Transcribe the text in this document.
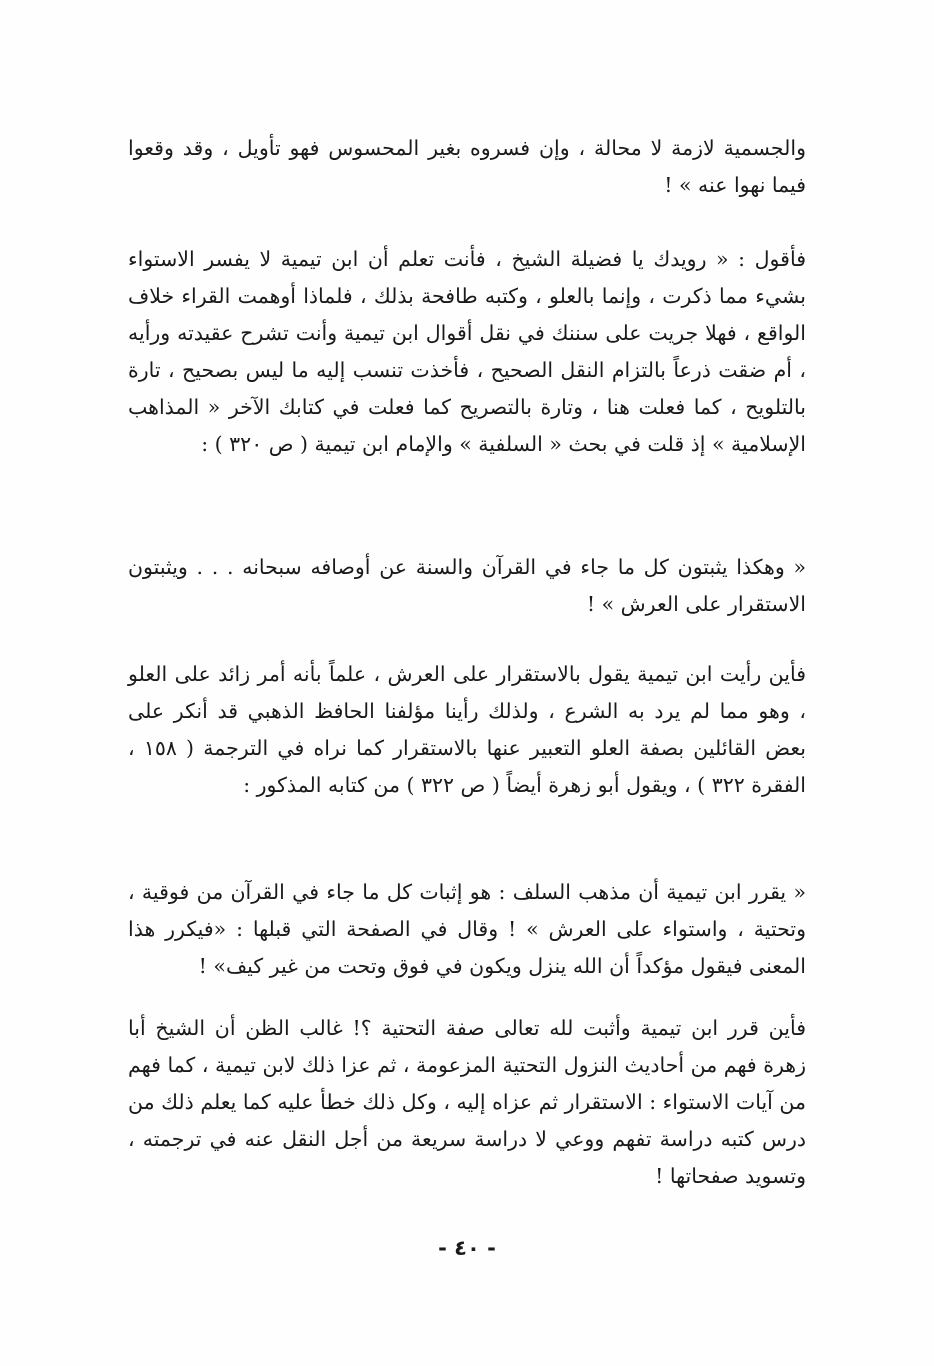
والجسمية لازمة لا محالة ، وإن فسروه بغير المحسوس فهو تأويل ، وقد وقعوا فيما نهوا عنه » !

فأقول : « رويدك يا فضيلة الشيخ ، فأنت تعلم أن ابن تيمية لا يفسر الاستواء بشيء مما ذكرت ، وإنما بالعلو ، وكتبه طافحة بذلك ، فلماذا أوهمت القراء خلاف الواقع ، فهلا جريت على سننك في نقل أقوال ابن تيمية وأنت تشرح عقيدته ورأيه ، أم ضقت ذرعاً بالتزام النقل الصحيح ، فأخذت تنسب إليه ما ليس بصحيح ، تارة بالتلويح ، كما فعلت هنا ، وتارة بالتصريح كما فعلت في كتابك الآخر « المذاهب الإسلامية » إذ قلت في بحث « السلفية » والإمام ابن تيمية ( ص ٣٢٠ ) :

« وهكذا يثبتون كل ما جاء في القرآن والسنة عن أوصافه سبحانه . . . ويثبتون الاستقرار على العرش » !

فأين رأيت ابن تيمية يقول بالاستقرار على العرش ، علماً بأنه أمر زائد على العلو ، وهو مما لم يرد به الشرع ، ولذلك رأينا مؤلفنا الحافظ الذهبي قد أنكر على بعض القائلين بصفة العلو التعبير عنها بالاستقرار كما نراه في الترجمة ( ١٥٨ ، الفقرة ٣٢٢ ) ، ويقول أبو زهرة أيضاً ( ص ٣٢٢ ) من كتابه المذكور :

« يقرر ابن تيمية أن مذهب السلف : هو إثبات كل ما جاء في القرآن من فوقية ، وتحتية ، واستواء على العرش » ! وقال في الصفحة التي قبلها : «فيكرر هذا المعنى فيقول مؤكداً أن الله ينزل ويكون في فوق وتحت من غير كيف» !

فأين قرر ابن تيمية وأثبت لله تعالى صفة التحتية ؟! غالب الظن أن الشيخ أبا زهرة فهم من أحاديث النزول التحتية المزعومة ، ثم عزا ذلك لابن تيمية ، كما فهم من آيات الاستواء : الاستقرار ثم عزاه إليه ، وكل ذلك خطأ عليه كما يعلم ذلك من درس كتبه دراسة تفهم ووعي لا دراسة سريعة من أجل النقل عنه في ترجمته ، وتسويد صفحاتها !

- ٤٠ -
